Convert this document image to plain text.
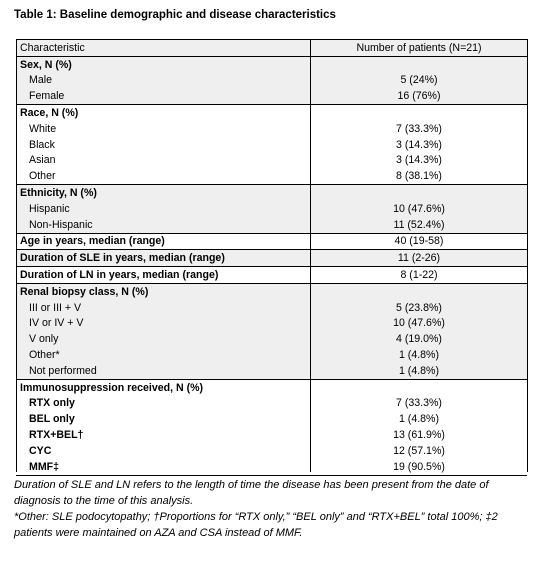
Table 1: Baseline demographic and disease characteristics
Characteristic	Number of patients (N=21)
Sex, N (%)	
Male	5 (24%)
Female	16 (76%)
Race, N (%)	
White	7 (33.3%)
Black	3 (14.3%)
Asian	3 (14.3%)
Other	8 (38.1%)
Ethnicity, N (%)	
Hispanic	10 (47.6%)
Non-Hispanic	11 (52.4%)
Age in years, median (range)	40 (19-58)
Duration of SLE in years, median (range)	11 (2-26)
Duration of LN in years, median (range)	8 (1-22)
Renal biopsy class, N (%)	
III or III + V	5 (23.8%)
IV or IV + V	10 (47.6%)
V only	4 (19.0%)
Other*	1 (4.8%)
Not performed	1 (4.8%)
Immunosuppression received, N (%)	
RTX only	7 (33.3%)
BEL only	1 (4.8%)
RTX+BEL†	13 (61.9%)
CYC	12 (57.1%)
MMF‡	19 (90.5%)

Duration of SLE and LN refers to the length of time the disease has been present from the date of diagnosis to the time of this analysis.

*Other: SLE podocytopathy; †Proportions for “RTX only,” “BEL only” and “RTX+BEL” total 100%; ‡2 patients were maintained on AZA and CSA instead of MMF.
